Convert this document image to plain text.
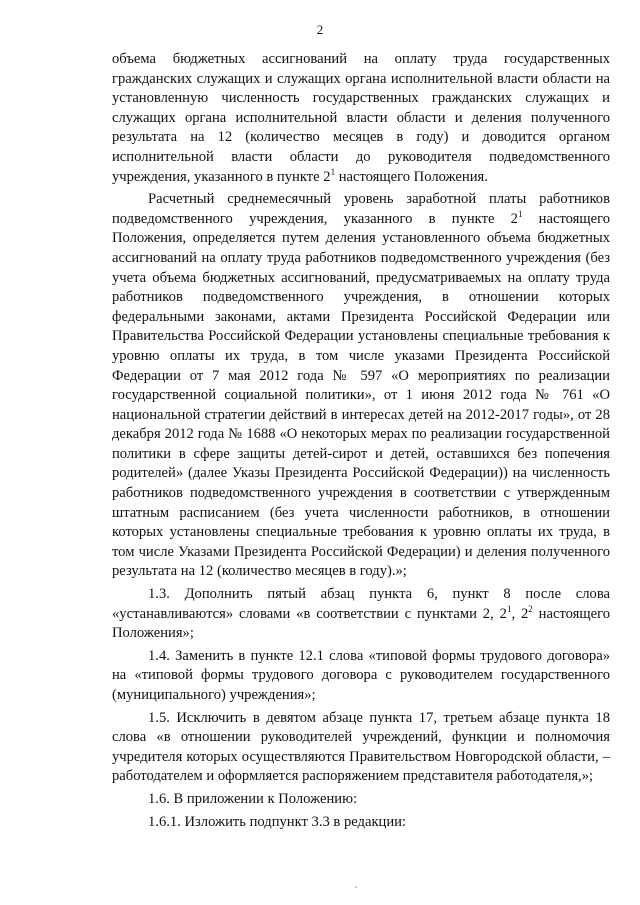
2

объема бюджетных ассигнований на оплату труда государственных гражданских служащих и служащих органа исполнительной власти области на установленную численность государственных гражданских служащих и служащих органа исполнительной власти области и деления полученного результата на 12 (количество месяцев в году) и доводится органом исполнительной власти области до руководителя подведомственного учреждения, указанного в пункте $2^1$ настоящего Положения.

Расчетный среднемесячный уровень заработной платы работников подведомственного учреждения, указанного в пункте $2^1$ настоящего Положения, определяется путем деления установленного объема бюджетных ассигнований на оплату труда работников подведомственного учреждения (без учета объема бюджетных ассигнований, предусматриваемых на оплату труда работников подведомственного учреждения, в отношении которых федеральными законами, актами Президента Российской Федерации или Правительства Российской Федерации установлены специальные требования к уровню оплаты их труда, в том числе указами Президента Российской Федерации от 7 мая 2012 года № 597 «О мероприятиях по реализации государственной социальной политики», от 1 июня 2012 года № 761 «О национальной стратегии действий в интересах детей на 2012-2017 годы», от 28 декабря 2012 года № 1688 «О некоторых мерах по реализации государственной политики в сфере защиты детей-сирот и детей, оставшихся без попечения родителей» (далее Указы Президента Российской Федерации)) на численность работников подведомственного учреждения в соответствии с утвержденным штатным расписанием (без учета численности работников, в отношении которых установлены специальные требования к уровню оплаты их труда, в том числе Указами Президента Российской Федерации) и деления полученного результата на 12 (количество месяцев в году).»;

1.3. Дополнить пятый абзац пункта 6, пункт 8 после слова «устанавливаются» словами «в соответствии с пунктами 2, $2^1$, $2^2$ настоящего Положения»;

1.4. Заменить в пункте 12.1 слова «типовой формы трудового договора» на «типовой формы трудового договора с руководителем государственного (муниципального) учреждения»;

1.5. Исключить в девятом абзаце пункта 17, третьем абзаце пункта 18 слова «в отношении руководителей учреждений, функции и полномочия учредителя которых осуществляются Правительством Новгородской области, – работодателем и оформляется распоряжением представителя работодателя,»;

1.6. В приложении к Положению:

1.6.1. Изложить подпункт 3.3 в редакции:
